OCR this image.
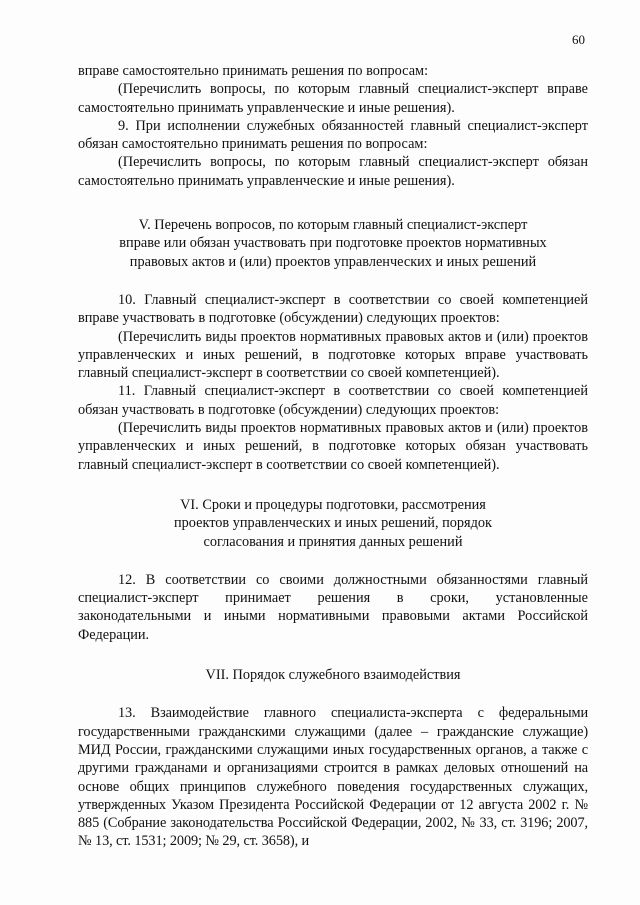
60

вправе самостоятельно принимать решения по вопросам:

(Перечислить вопросы, по которым главный специалист-эксперт вправе самостоятельно принимать управленческие и иные решения).

9. При исполнении служебных обязанностей главный специалист-эксперт обязан самостоятельно принимать решения по вопросам:

(Перечислить вопросы, по которым главный специалист-эксперт обязан самостоятельно принимать управленческие и иные решения).

V. Перечень вопросов, по которым главный специалист-эксперт
вправе или обязан участвовать при подготовке проектов нормативных
правовых актов и (или) проектов управленческих и иных решений

10. Главный специалист-эксперт в соответствии со своей компетенцией вправе участвовать в подготовке (обсуждении) следующих проектов:

(Перечислить виды проектов нормативных правовых актов и (или) проектов управленческих и иных решений, в подготовке которых вправе участвовать главный специалист-эксперт в соответствии со своей компетенцией).

11. Главный специалист-эксперт в соответствии со своей компетенцией обязан участвовать в подготовке (обсуждении) следующих проектов:

(Перечислить виды проектов нормативных правовых актов и (или) проектов управленческих и иных решений, в подготовке которых обязан участвовать главный специалист-эксперт в соответствии со своей компетенцией).

VI. Сроки и процедуры подготовки, рассмотрения
проектов управленческих и иных решений, порядок
согласования и принятия данных решений

12. В соответствии со своими должностными обязанностями главный специалист-эксперт принимает решения в сроки, установленные законодательными и иными нормативными правовыми актами Российской Федерации.

VII. Порядок служебного взаимодействия

13. Взаимодействие главного специалиста-эксперта с федеральными государственными гражданскими служащими (далее – гражданские служащие) МИД России, гражданскими служащими иных государственных органов, а также с другими гражданами и организациями строится в рамках деловых отношений на основе общих принципов служебного поведения государственных служащих, утвержденных Указом Президента Российской Федерации от 12 августа 2002 г. № 885 (Собрание законодательства Российской Федерации, 2002, № 33, ст. 3196; 2007, № 13, ст. 1531; 2009; № 29, ст. 3658), и
